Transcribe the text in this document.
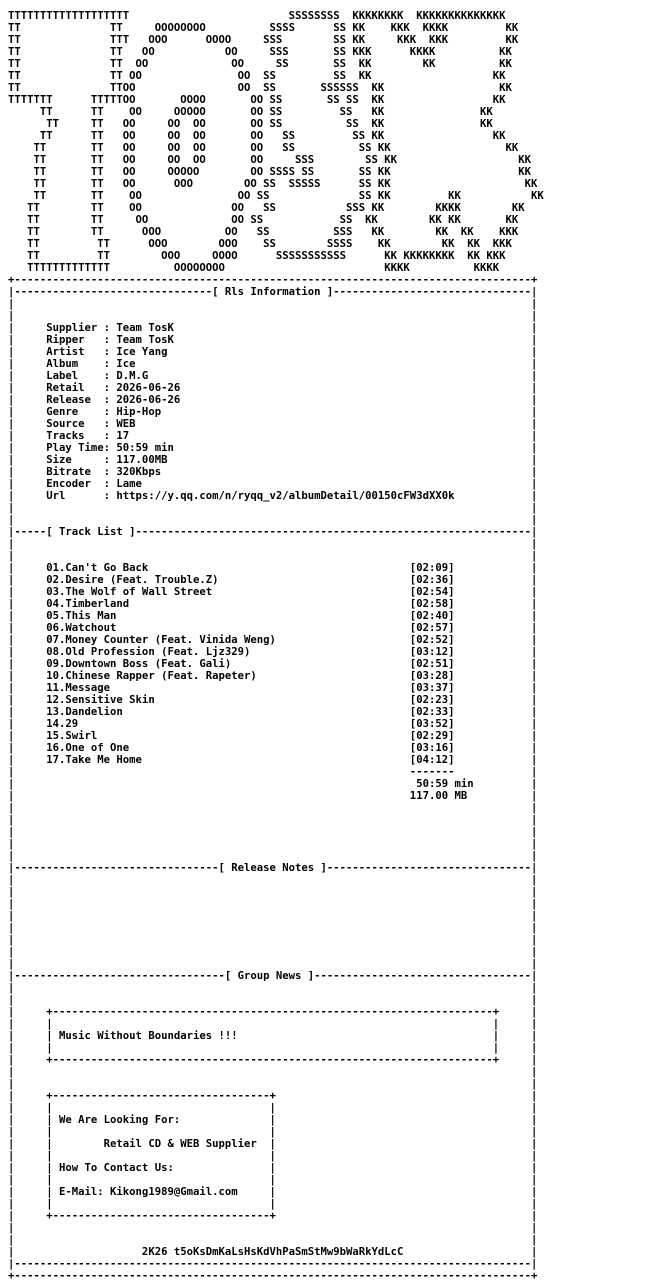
TTTTTTTTTTTTTTTTTTT                         SSSSSSSS  KKKKKKKK  KKKKKKKKKKKKKK
TT              TT     OOOOOOOO          SSSS      SS KK    KKK  KKKK         KK
TT              TTT   OOO      OOOO     SSS        SS KK     KKK  KKK         KK
TT              TT   OO           OO     SSS       SS KKK      KKKK          KK
TT              TT  OO             OO     SS       SS  KK        KK          KK
TT              TT OO               OO  SS         SS  KK                   KK
TT              TTOO                OO  SS       SSSSSS  KK                  KK
TTTTTTT      TTTTTOO       OOOO       OO SS       SS SS  KK                 KK
TT      TT    OO     OOOOO       OO SS         SS   KK               KK
TT     TT   OO     OO  OO       OO SS          SS  KK               KK
TT      TT   OO     OO  OO       OO   SS         SS KK                 KK
TT       TT   OO     OO  OO       OO   SS          SS KK                  KK
TT       TT   OO     OO  OO       OO     SSS        SS KK                   KK
TT       TT   OO     OOOOO        OO SSSS SS       SS KK                    KK
TT       TT   OO      OOO        OO SS  SSSSS      SS KK                     KK
TT       TT    OO               OO SS              SS KK         KK           KK
TT        TT    OO              OO   SS           SSS KK        KKKK        KK
TT        TT     OO             OO SS            SS  KK        KK KK       KK
TT        TT      OOO          OO   SS          SSS   KK        KK  KK    KKK
TT         TT      OOO        OOO    SS        SSSS    KK        KK  KK  KKK
TT         TT        OOO     OOOO      SSSSSSSSSSS      KK KKKKKKKK  KK KKK
TTTTTTTTTTTTT          OOOOOOOO                         KKKK          KKKK
+---------------------------------------------------------------------------------+
|-------------------------------[ Rls Information ]-------------------------------|
|                                                                                 |
|                                                                                 |
|     Supplier : Team TosK                                                        |
|     Ripper   : Team TosK                                                        |
|     Artist   : Ice Yang                                                         |
|     Album    : Ice                                                              |
|     Label    : D.M.G                                                            |
|     Retail   : 2026-06-26                                                       |
|     Release  : 2026-06-26                                                       |
|     Genre    : Hip-Hop                                                          |
|     Source   : WEB                                                              |
|     Tracks   : 17                                                               |
|     Play Time: 50:59 min                                                        |
|     Size     : 117.00MB                                                         |
|     Bitrate  : 320Kbps                                                          |
|     Encoder  : Lame                                                             |
|     Url      : https://y.qq.com/n/ryqq_v2/albumDetail/00150cFW3dXX0k            |
|                                                                                 |
|                                                                                 |
|-----[ Track List ]--------------------------------------------------------------|
|                                                                                 |
|                                                                                 |
|     01.Can't Go Back                                         [02:09]            |
|     02.Desire (Feat. Trouble.Z)                              [02:36]            |
|     03.The Wolf of Wall Street                               [02:54]            |
|     04.Timberland                                            [02:58]            |
|     05.This Man                                              [02:40]            |
|     06.Watchout                                              [02:57]            |
|     07.Money Counter (Feat. Vinida Weng)                     [02:52]            |
|     08.Old Profession (Feat. Ljz329)                         [03:12]            |
|     09.Downtown Boss (Feat. Gali)                            [02:51]            |
|     10.Chinese Rapper (Feat. Rapeter)                        [03:28]            |
|     11.Message                                               [03:37]            |
|     12.Sensitive Skin                                        [02:23]            |
|     13.Dandelion                                             [02:33]            |
|     14.29                                                    [03:52]            |
|     15.Swirl                                                 [02:29]            |
|     16.One of One                                            [03:16]            |
|     17.Take Me Home                                          [04:12]            |
|                                                              -------            |
|                                                               50:59 min         |
|                                                              117.00 MB          |
|                                                                                 |
|                                                                                 |
|                                                                                 |
|                                                                                 |
|                                                                                 |
|--------------------------------[ Release Notes ]--------------------------------|
|                                                                                 |
|                                                                                 |
|                                                                                 |
|                                                                                 |
|                                                                                 |
|                                                                                 |
|                                                                                 |
|                                                                                 |
|---------------------------------[ Group News ]----------------------------------|
|                                                                                 |
|                                                                                 |
|     +---------------------------------------------------------------------+     |
|     |                                                                     |     |
|     | Music Without Boundaries !!!                                        |     |
|     |                                                                     |     |
|     +---------------------------------------------------------------------+     |
|                                                                                 |
|                                                                                 |
|     +----------------------------------+                                        |
|     |                                  |                                        |
|     | We Are Looking For:              |                                        |
|     |                                  |                                        |
|     |        Retail CD & WEB Supplier  |                                        |
|     |                                  |                                        |
|     | How To Contact Us:               |                                        |
|     |                                  |                                        |
|     | E-Mail: Kikong1989@Gmail.com     |                                        |
|     |                                  |                                        |
|     +----------------------------------+                                        |
|                                                                                 |
|                                                                                 |
|                    2K26 t5oKsDmKaLsHsKdVhPaSmStMw9bWaRkYdLcC                    |
|---------------------------------------------------------------------------------|
+---------------------------------------------------------------------------------+
